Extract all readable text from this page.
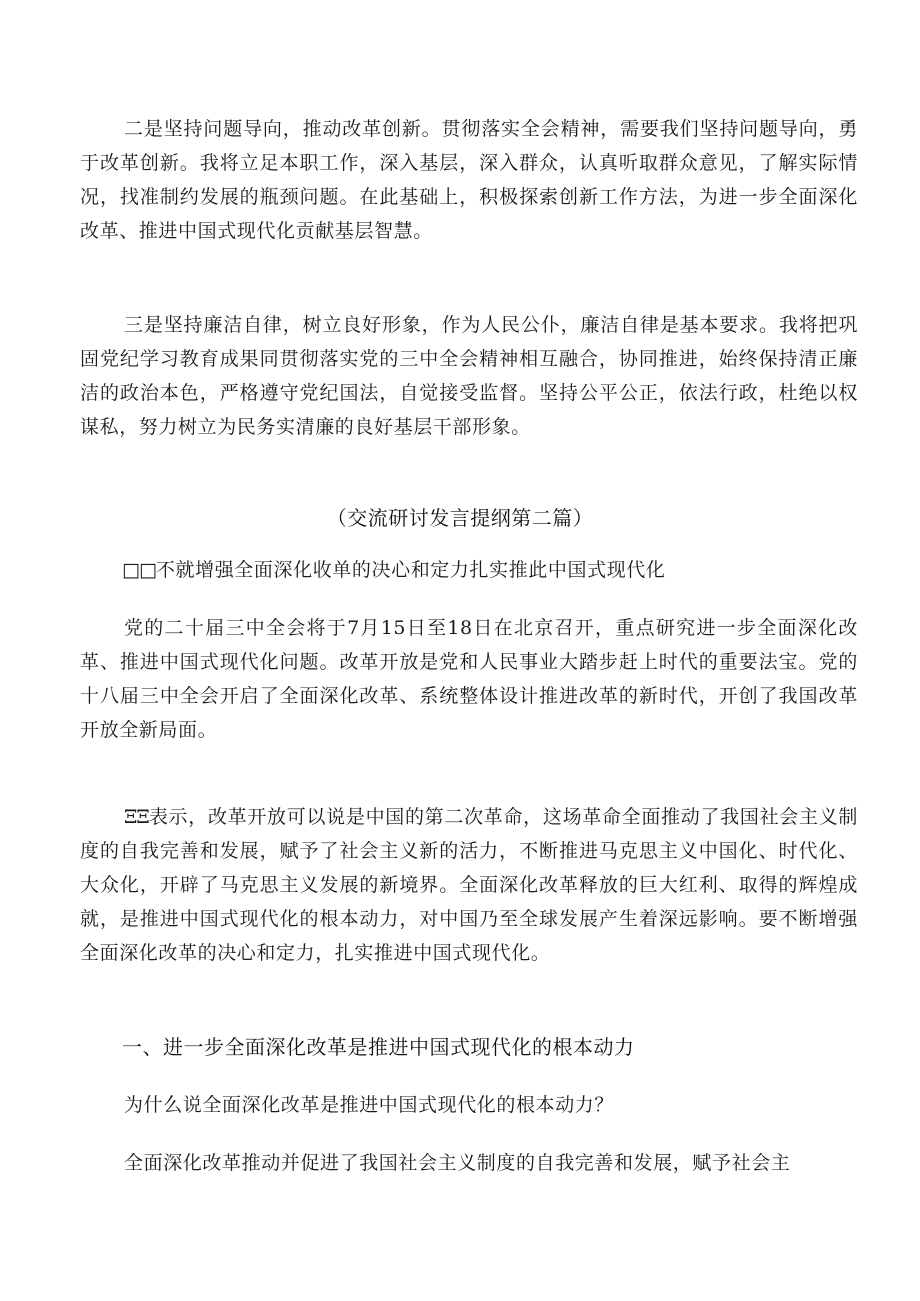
二是坚持问题导向，推动改革创新。贯彻落实全会精神，需要我们坚持问题导向，勇于改革创新。我将立足本职工作，深入基层，深入群众，认真听取群众意见，了解实际情况，找准制约发展的瓶颈问题。在此基础上，积极探索创新工作方法，为进一步全面深化改革、推进中国式现代化贡献基层智慧。

三是坚持廉洁自律，树立良好形象，作为人民公仆，廉洁自律是基本要求。我将把巩固党纪学习教育成果同贯彻落实党的三中全会精神相互融合，协同推进，始终保持清正廉洁的政治本色，严格遵守党纪国法，自觉接受监督。坚持公平公正，依法行政，杜绝以权谋私，努力树立为民务实清廉的良好基层干部形象。

（交流研讨发言提纲第二篇）

□□不就增强全面深化收单的决心和定力扎实推此中国式现代化

党的二十届三中全会将于7月15日至18日在北京召开，重点研究进一步全面深化改革、推进中国式现代化问题。改革开放是党和人民事业大踏步赶上时代的重要法宝。党的十八届三中全会开启了全面深化改革、系统整体设计推进改革的新时代，开创了我国改革开放全新局面。

ΞΞ表示，改革开放可以说是中国的第二次革命，这场革命全面推动了我国社会主义制度的自我完善和发展，赋予了社会主义新的活力，不断推进马克思主义中国化、时代化、大众化，开辟了马克思主义发展的新境界。全面深化改革释放的巨大红利、取得的辉煌成就，是推进中国式现代化的根本动力，对中国乃至全球发展产生着深远影响。要不断增强全面深化改革的决心和定力，扎实推进中国式现代化。

一、进一步全面深化改革是推进中国式现代化的根本动力

为什么说全面深化改革是推进中国式现代化的根本动力？

全面深化改革推动并促进了我国社会主义制度的自我完善和发展，赋予社会主
